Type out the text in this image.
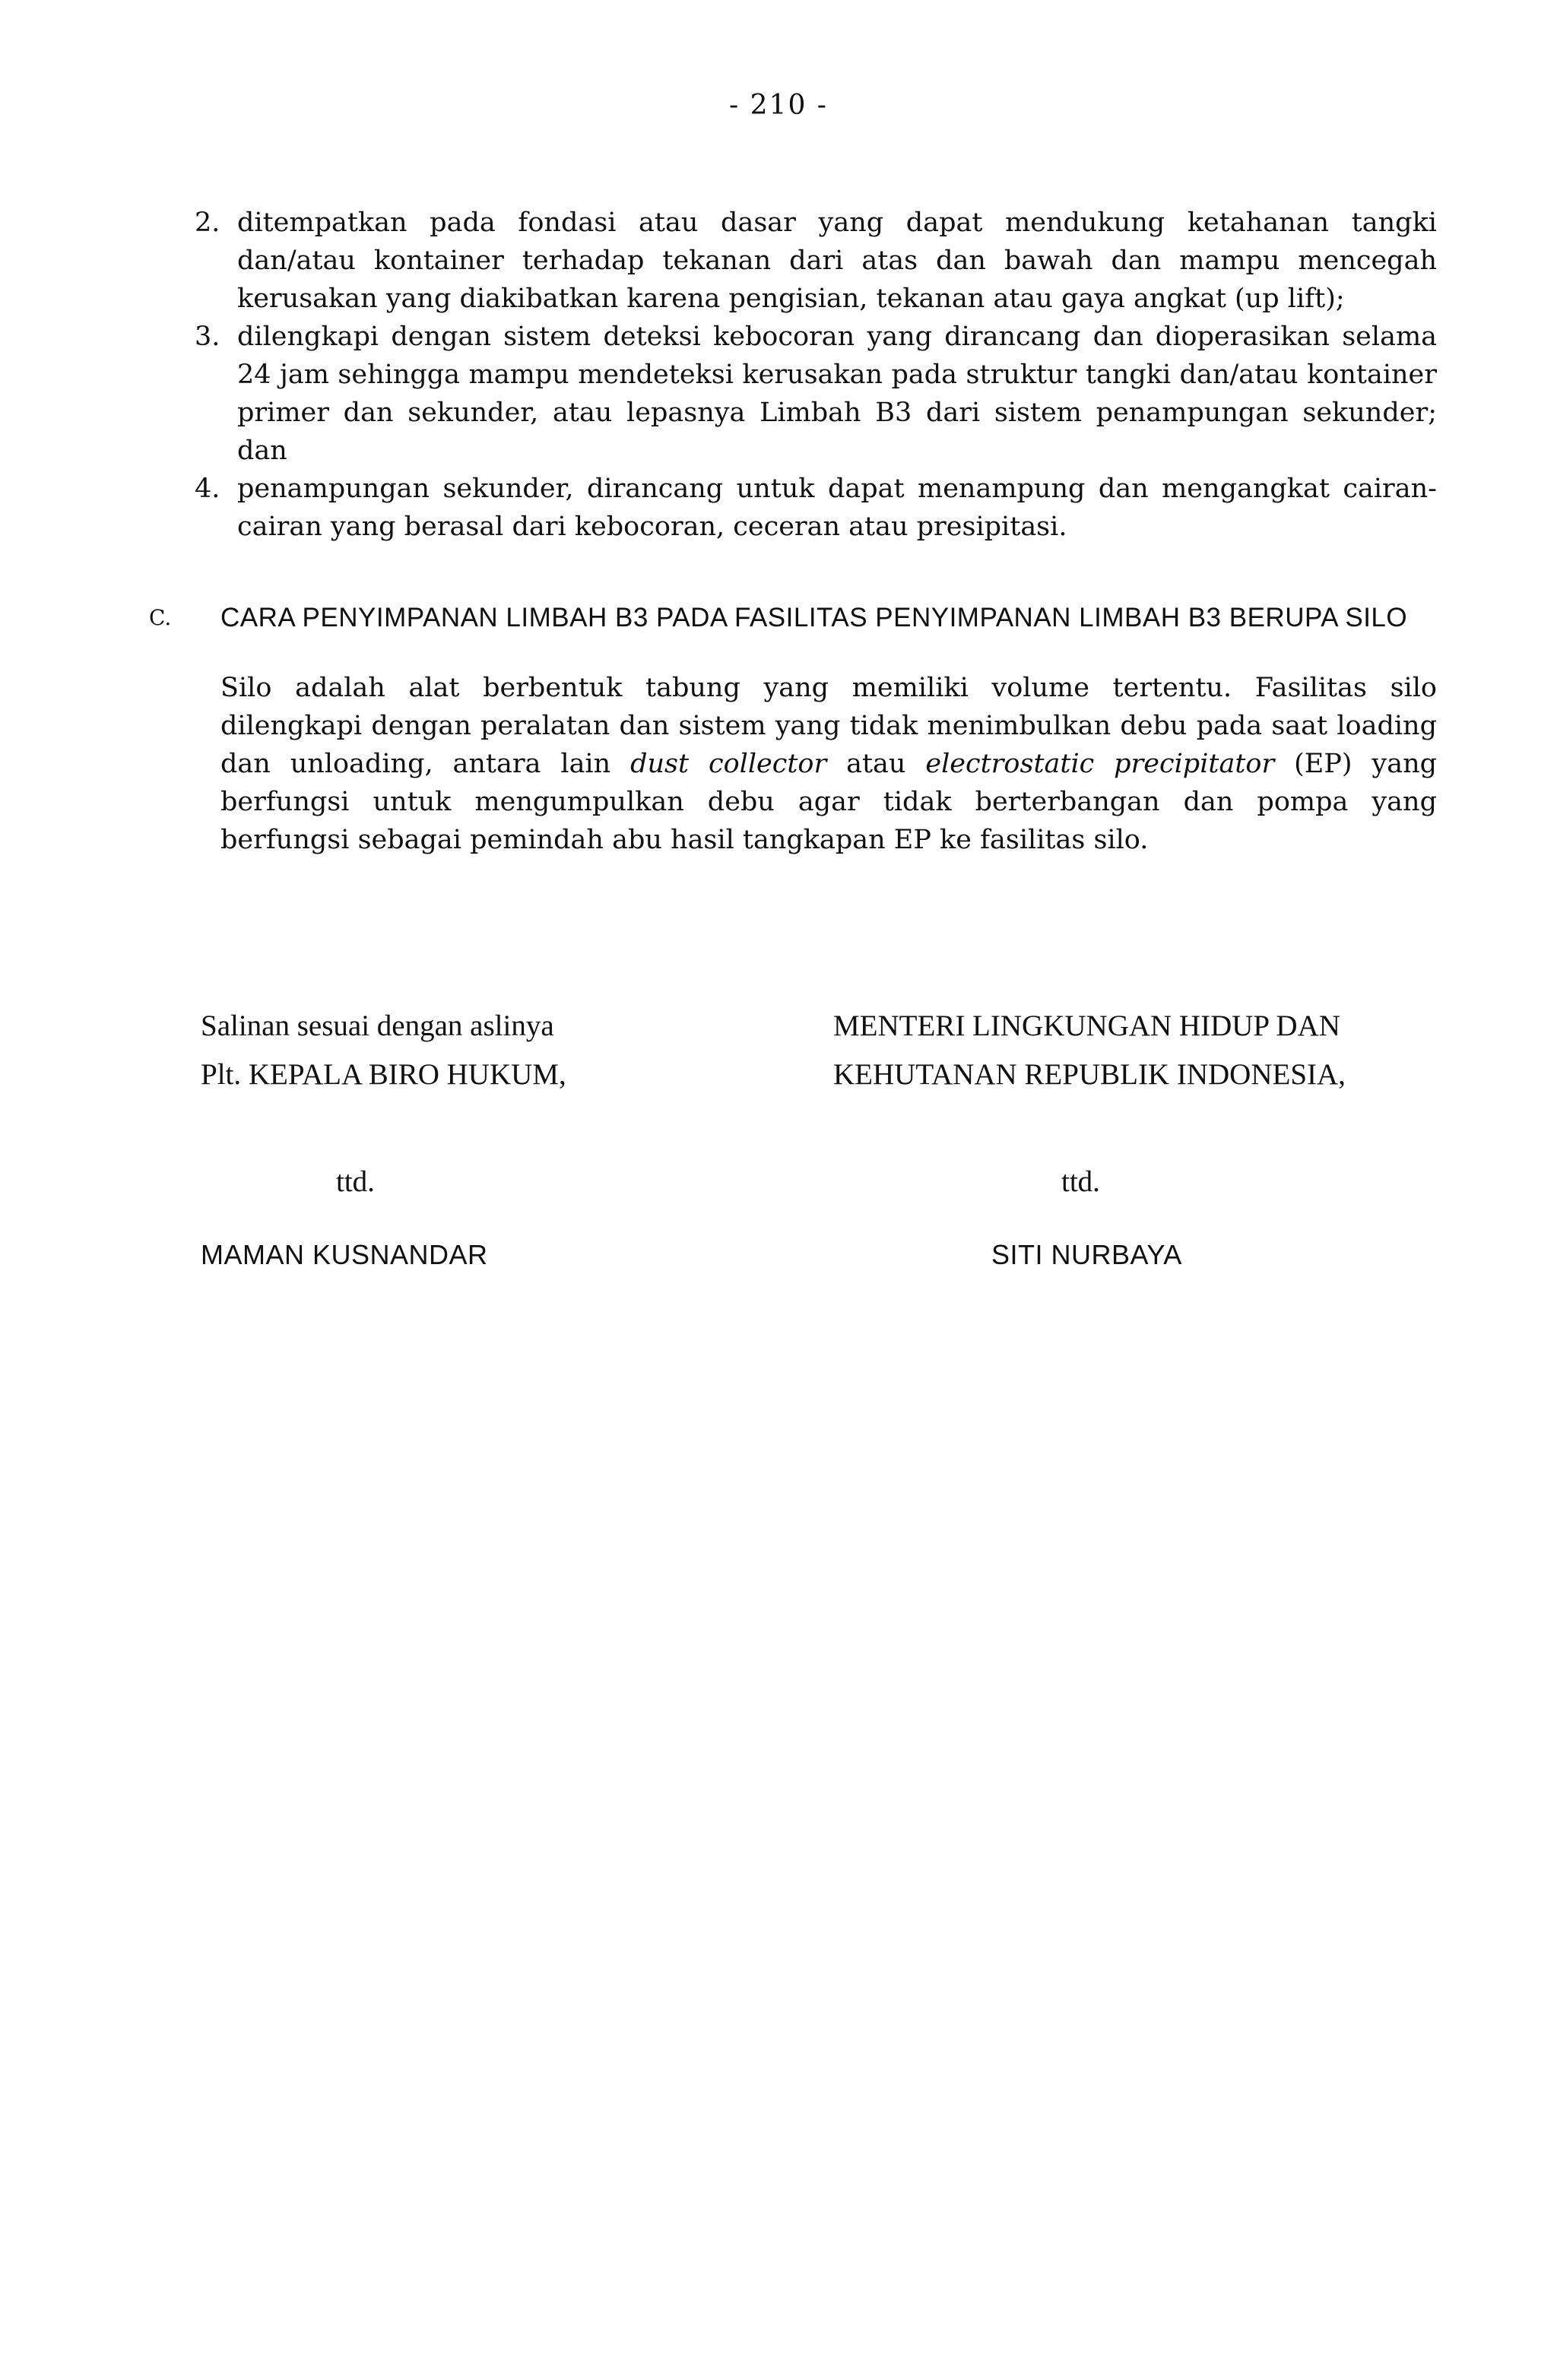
- 210 -
2. ditempatkan pada fondasi atau dasar yang dapat mendukung ketahanan tangki dan/atau kontainer terhadap tekanan dari atas dan bawah dan mampu mencegah kerusakan yang diakibatkan karena pengisian, tekanan atau gaya angkat (up lift);
3. dilengkapi dengan sistem deteksi kebocoran yang dirancang dan dioperasikan selama 24 jam sehingga mampu mendeteksi kerusakan pada struktur tangki dan/atau kontainer primer dan sekunder, atau lepasnya Limbah B3 dari sistem penampungan sekunder; dan
4. penampungan sekunder, dirancang untuk dapat menampung dan mengangkat cairan-cairan yang berasal dari kebocoran, ceceran atau presipitasi.
C. CARA PENYIMPANAN LIMBAH B3 PADA FASILITAS PENYIMPANAN LIMBAH B3 BERUPA SILO
Silo adalah alat berbentuk tabung yang memiliki volume tertentu. Fasilitas silo dilengkapi dengan peralatan dan sistem yang tidak menimbulkan debu pada saat loading dan unloading, antara lain dust collector atau electrostatic precipitator (EP) yang berfungsi untuk mengumpulkan debu agar tidak berterbangan dan pompa yang berfungsi sebagai pemindah abu hasil tangkapan EP ke fasilitas silo.
Salinan sesuai dengan aslinya
Plt. KEPALA BIRO HUKUM,
MENTERI LINGKUNGAN HIDUP DAN
KEHUTANAN REPUBLIK INDONESIA,
ttd.	ttd.
MAMAN KUSNANDAR	SITI NURBAYA
